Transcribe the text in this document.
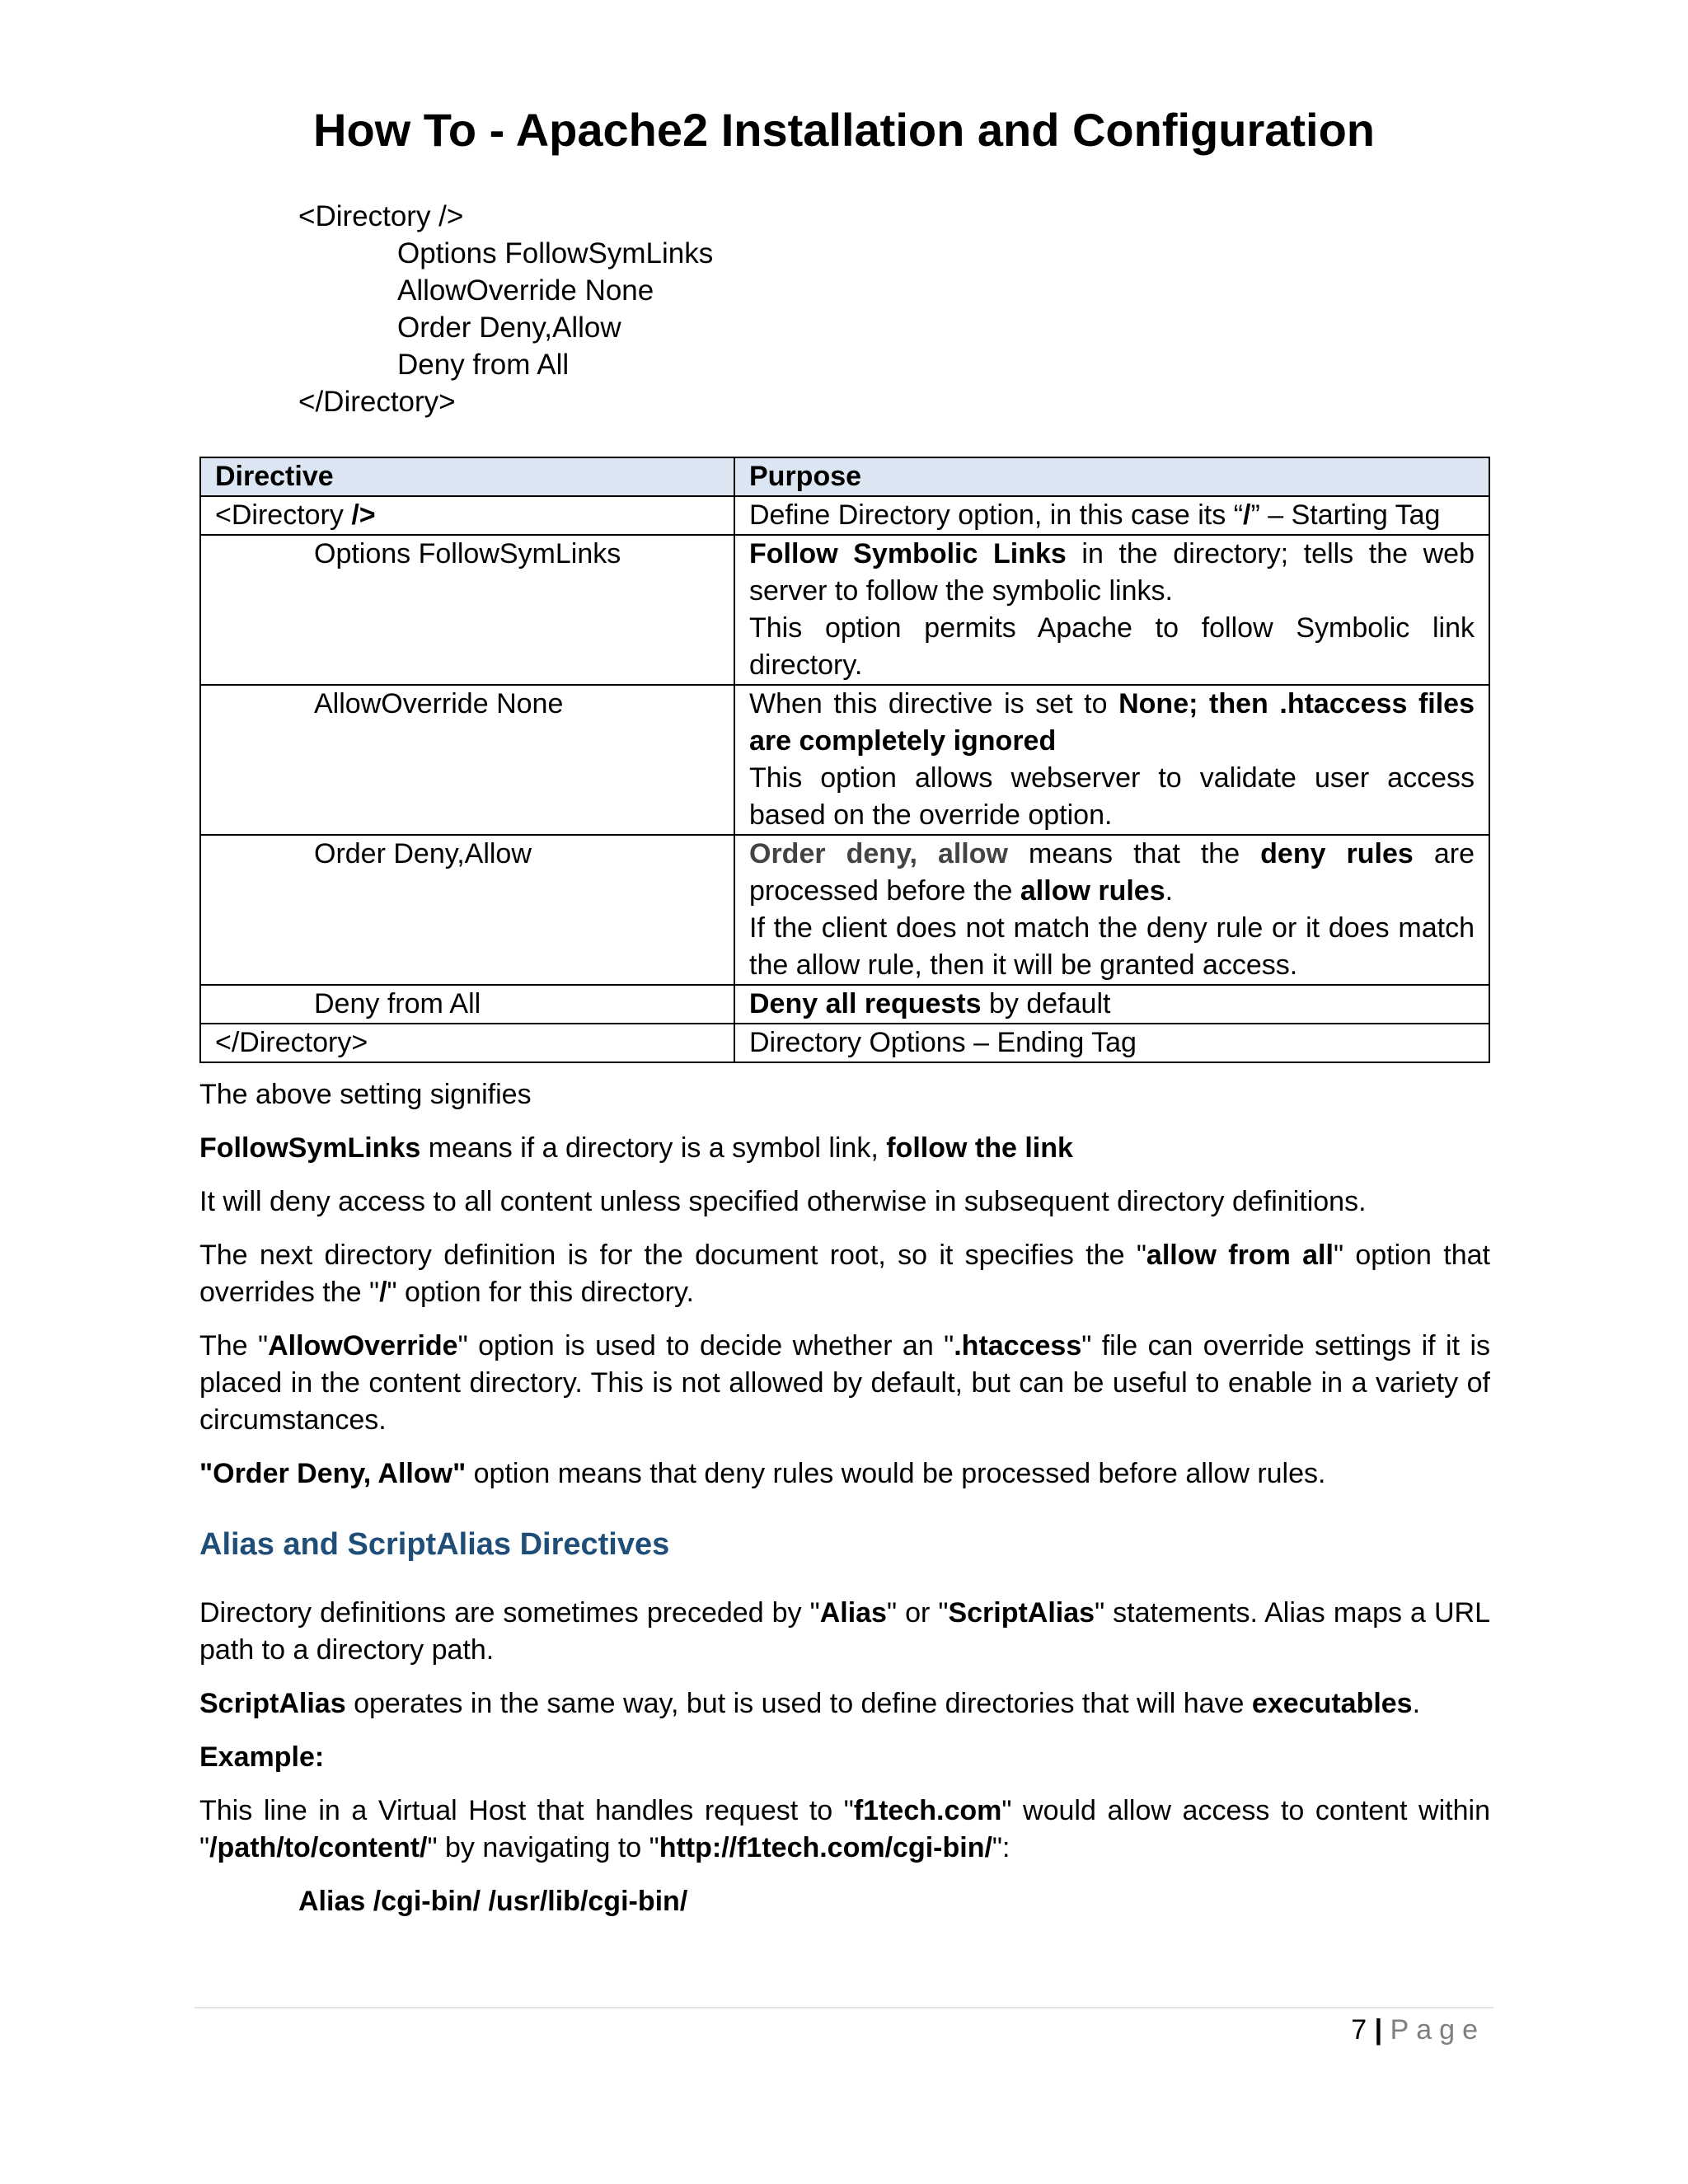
How To - Apache2 Installation and Configuration
<Directory />
Options FollowSymLinks
AllowOverride None
Order Deny,Allow
Deny from All
</Directory>
Directive	Purpose
<Directory />	Define Directory option, in this case its “/” – Starting Tag
Options FollowSymLinks	Follow Symbolic Links in the directory; tells the web server to follow the symbolic links.

This option permits Apache to follow Symbolic link directory.

AllowOverride None	When this directive is set to None; then .htaccess files are completely ignored

This option allows webserver to validate user access based on the override option.

Order Deny,Allow	Order deny, allow means that the deny rules are processed before the allow rules.

If the client does not match the deny rule or it does match the allow rule, then it will be granted access.

Deny from All	Deny all requests by default
</Directory>	Directory Options – Ending Tag

The above setting signifies

FollowSymLinks means if a directory is a symbol link, follow the link

It will deny access to all content unless specified otherwise in subsequent directory definitions.

The next directory definition is for the document root, so it specifies the "allow from all" option that overrides the "/" option for this directory.

The "AllowOverride" option is used to decide whether an ".htaccess" file can override settings if it is placed in the content directory. This is not allowed by default, but can be useful to enable in a variety of circumstances.

"Order Deny, Allow" option means that deny rules would be processed before allow rules.

Alias and ScriptAlias Directives

Directory definitions are sometimes preceded by "Alias" or "ScriptAlias" statements. Alias maps a URL path to a directory path.

ScriptAlias operates in the same way, but is used to define directories that will have executables.

Example:

This line in a Virtual Host that handles request to "f1tech.com" would allow access to content within "/path/to/content/" by navigating to "http://f1tech.com/cgi-bin/":

Alias /cgi-bin/ /usr/lib/cgi-bin/
7 | Page
